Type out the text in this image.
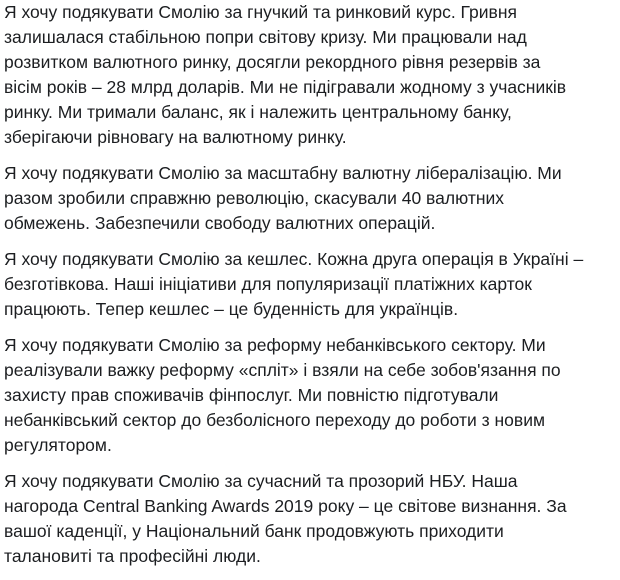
Я хочу подякувати Смолію за гнучкий та ринковий курс. Гривня
залишалася стабільною попри світову кризу. Ми працювали над
розвитком валютного ринку, досягли рекордного рівня резервів за
вісім років – 28 млрд доларів. Ми не підігравали жодному з учасників
ринку. Ми тримали баланс, як і належить центральному банку,
зберігаючи рівновагу на валютному ринку.

Я хочу подякувати Смолію за масштабну валютну лібералізацію. Ми
разом зробили справжню революцію, скасували 40 валютних
обмежень. Забезпечили свободу валютних операцій.

Я хочу подякувати Смолію за кешлес. Кожна друга операція в Україні –
безготівкова. Наші ініціативи для популяризації платіжних карток
працюють. Тепер кешлес – це буденність для українців.

Я хочу подякувати Смолію за реформу небанківського сектору. Ми
реалізували важку реформу «спліт» і взяли на себе зобов'язання по
захисту прав споживачів фінпослуг. Ми повністю підготували
небанківський сектор до безболісного переходу до роботи з новим
регулятором.

Я хочу подякувати Смолію за сучасний та прозорий НБУ. Наша
нагорода Central Banking Awards 2019 року – це світове визнання. За
вашої каденції, у Національний банк продовжують приходити
талановиті та професійні люди.
